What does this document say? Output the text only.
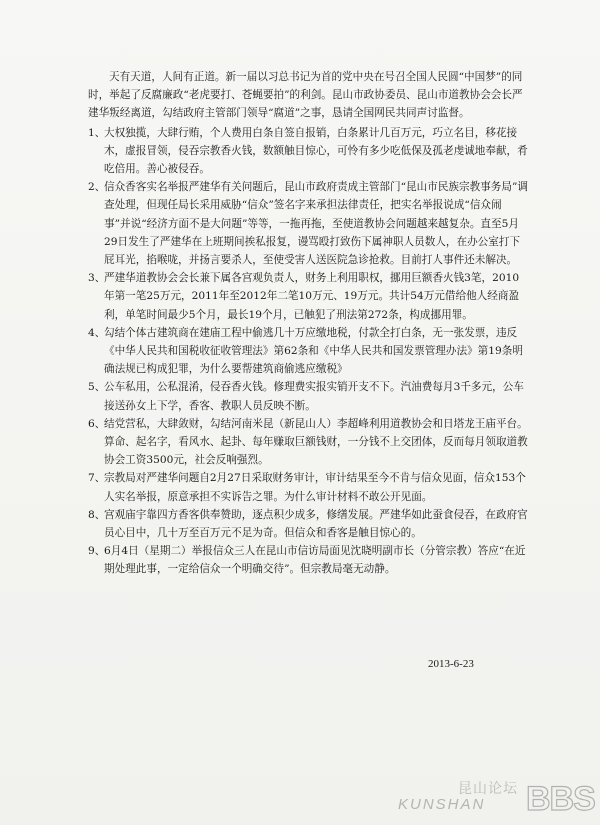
天有天道，人间有正道。新一届以习总书记为首的党中央在号召全国人民圆“中国梦”的同时，举起了反腐廉政“老虎要打、苍蝇要拍”的利剑。昆山市政协委员、昆山市道教协会会长严建华叛经离道，勾结政府主管部门领导“腐道”之事，恳请全国网民共同声讨监督。

1、
大权独揽，大肆行贿，个人费用白条自签自报销，白条累计几百万元，巧立名目，移花接木，虚报冒领，侵吞宗教香火钱，数额触目惊心，可怜有多少吃低保及孤老虔诚地奉献，肴吃倍用。善心被侵吞。
2、
信众香客实名举报严建华有关问题后，昆山市政府责成主管部门“昆山市民族宗教事务局”调查处理，但现任局长采用威胁“信众”签名字来承担法律责任，把实名举报说成“信众闹事”并说“经济方面不是大问题”等等，一拖再拖，至使道教协会问题越来越复杂。直至5月29日发生了严建华在上班期间挨私报复，谩骂殴打致伤下属神职人员数人，在办公室打下屁耳光，掐喉咙，并扬言要杀人，至使受害人送医院急诊抢救。目前打人事件还未解决。
3、
严建华道教协会会长兼下属各宫观负责人，财务上利用职权，挪用巨额香火钱3笔，2010年第一笔25万元，2011年至2012年二笔10万元、19万元。共计54万元借给他人经商盈利，单笔时间最少5个月，最长19个月，已触犯了刑法第272条，构成挪用罪。
4、
勾结个体古建筑商在建庙工程中偷逃几十万应缴地税，付款全打白条，无一张发票，违反《中华人民共和国税收征收管理法》第62条和《中华人民共和国发票管理办法》第19条明确法规已构成犯罪，为什么要帮建筑商偷逃应缴税》
5、
公车私用，公私混淆，侵吞香火钱。修理费实报实销开支不下。汽油费每月3千多元，公车接送孙女上下学，香客、教职人员反映不断。
6、
结党营私，大肆敛财，勾结河南米昆（新昆山人）李超峰利用道教协会和日塔龙王庙平台。算命、起名字，看风水、起卦、每年赚取巨额钱财，一分钱不上交团体，反而每月领取道教协会工资3500元，社会反响强烈。
7、
宗教局对严建华问题自2月27日采取财务审计，审计结果至今不肯与信众见面，信众153个人实名举报，原意承担不实诉告之罪。为什么审计材料不敢公开见面。
8、
宫观庙宇靠四方香客供奉赞助，逐点积少成多，修缮发展。严建华如此蚕食侵吞，在政府官员心目中，几十万至百万元不足为奇。但信众和香客是触目惊心的。
9、
6月4日（星期二）举报信众三人在昆山市信访局面见沈晓明副市长（分管宗教）答应“在近期处理此事，一定给信众一个明确交待”。但宗教局毫无动静。
2013-6-23
昆山论坛
KUNSHAN BBS
